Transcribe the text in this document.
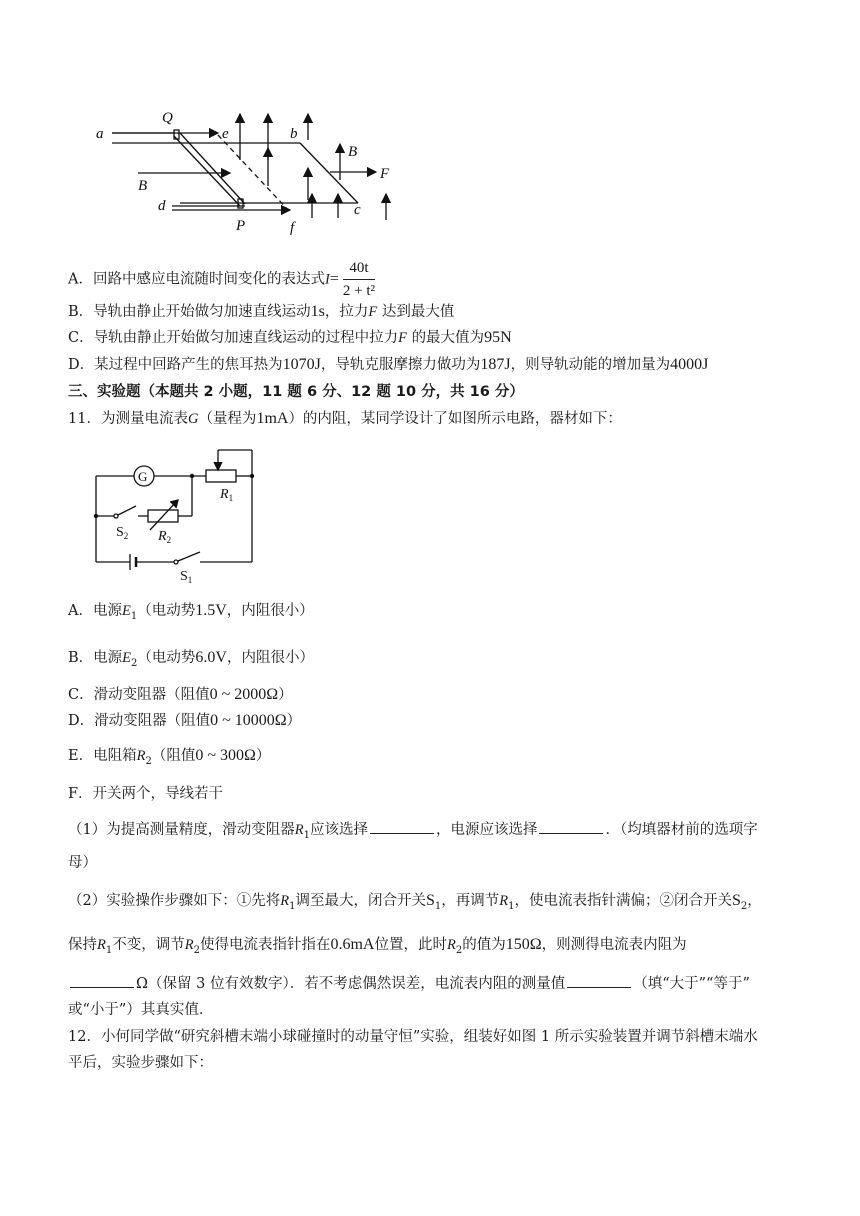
a
Q
e	b
B
F
B
d	c
P	f
A．回路中感应电流随时间变化的表达式$I= \frac{40t}{\text{2 + t²}}$
B．导轨由静止开始做匀加速直线运动1s，拉力F 达到最大值
C．导轨由静止开始做匀加速直线运动的过程中拉力F 的最大值为95N
D．某过程中回路产生的焦耳热为1070J，导轨克服摩擦力做功为187J，则导轨动能的增加量为4000J
三、实验题（本题共 2 小题，11 题 6 分、12 题 10 分，共 16 分）
11．为测量电流表G（量程为1mA）的内阻，某同学设计了如图所示电路，器材如下：
G
$R_1$
$R_2$
$S_2$
$S_1$
A．电源$E_1$（电动势1.5V，内阻很小）
B．电源$E_2$（电动势6.0V，内阻很小）
C．滑动变阻器（阻值0 ~ 2000Ω）
D．滑动变阻器（阻值0 ~ 10000Ω）
E．电阻箱$R_2$（阻值0 ~ 300Ω）
F．开关两个，导线若干
（1）为提高测量精度，滑动变阻器$R_1$应该选择	，电源应该选择	．（均填器材前的选项字
母）
（2）实验操作步骤如下：①先将$R_1$调至最大，闭合开关$S_1$，再调节$R_1$，使电流表指针满偏；②闭合开关$S_2$，
保持$R_1$不变，调节$R_2$使得电流表指针指在0.6mA位置，此时$R_2$的值为150Ω，则测得电流表内阻为
Ω（保留 3 位有效数字）．若不考虑偶然误差，电流表内阻的测量值	（填“大于”“等于”
或“小于”）其真实值．
12．小何同学做“研究斜槽末端小球碰撞时的动量守恒”实验，组装好如图 1 所示实验装置并调节斜槽末端水
平后，实验步骤如下：
